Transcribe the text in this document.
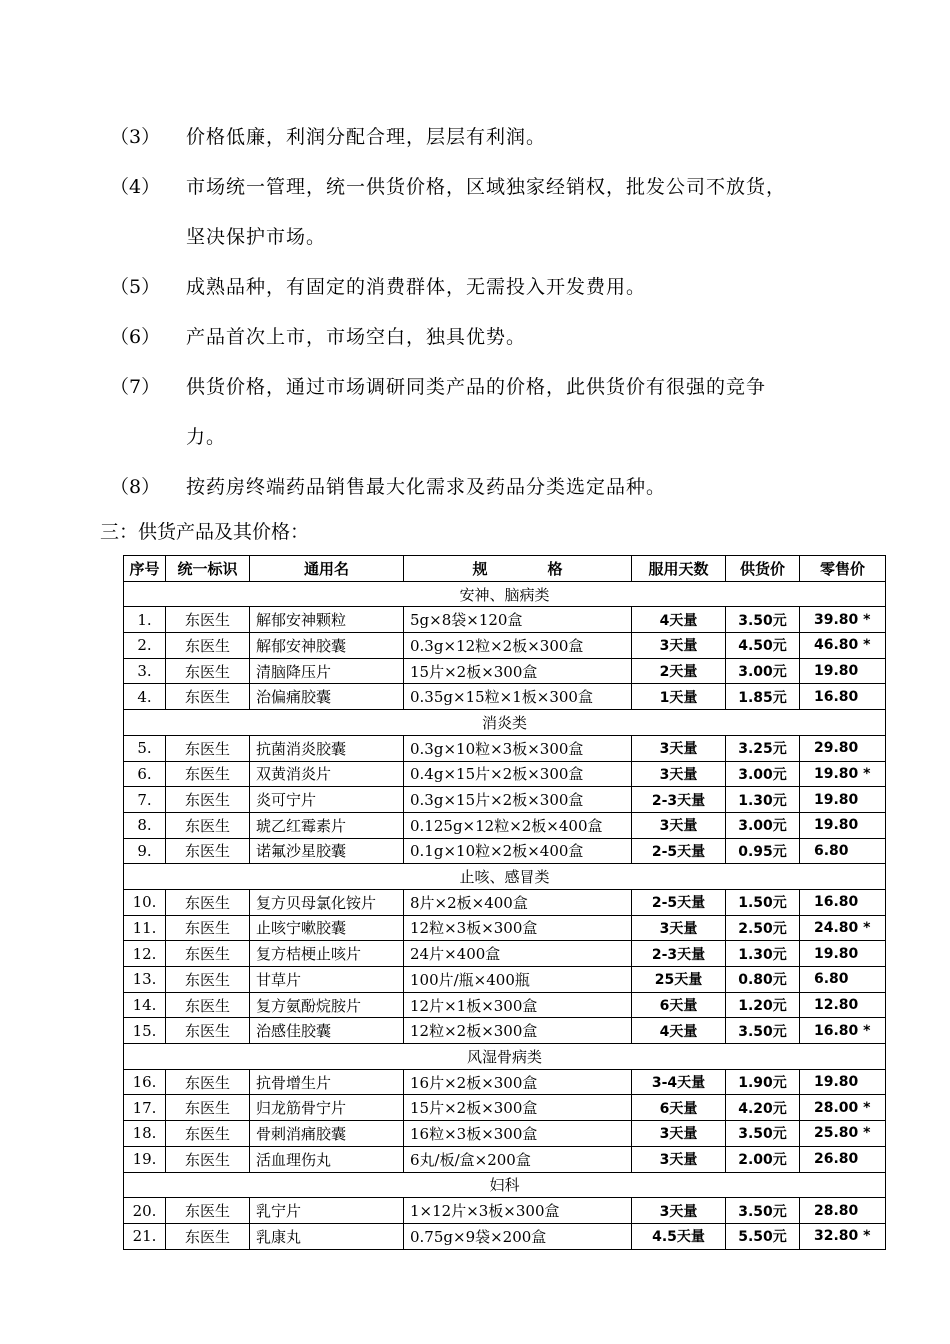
（3）	价格低廉，利润分配合理，层层有利润。
（4）	市场统一管理，统一供货价格，区域独家经销权，批发公司不放货，
坚决保护市场。
（5）	成熟品种，有固定的消费群体，无需投入开发费用。
（6）	产品首次上市，市场空白，独具优势。
（7）	供货价格，通过市场调研同类产品的价格，此供货价有很强的竞争
力。
（8）	按药房终端药品销售最大化需求及药品分类选定品种。
三：供货产品及其价格：
序号	统一标识	通用名	规　　　　格	服用天数	供货价	零售价
安神、脑病类						
1.	东医生	解郁安神颗粒	5g×8袋×120盒	4天量	3.50元	39.80 *
2.	东医生	解郁安神胶囊	0.3g×12粒×2板×300盒	3天量	4.50元	46.80 *
3.	东医生	清脑降压片	15片×2板×300盒	2天量	3.00元	19.80
4.	东医生	治偏痛胶囊	0.35g×15粒×1板×300盒	1天量	1.85元	16.80
消炎类						
5.	东医生	抗菌消炎胶囊	0.3g×10粒×3板×300盒	3天量	3.25元	29.80
6.	东医生	双黄消炎片	0.4g×15片×2板×300盒	3天量	3.00元	19.80 *
7.	东医生	炎可宁片	0.3g×15片×2板×300盒	2-3天量	1.30元	19.80
8.	东医生	琥乙红霉素片	0.125g×12粒×2板×400盒	3天量	3.00元	19.80
9.	东医生	诺氟沙星胶囊	0.1g×10粒×2板×400盒	2-5天量	0.95元	6.80
止咳、感冒类						
10.	东医生	复方贝母氯化铵片	8片×2板×400盒	2-5天量	1.50元	16.80
11.	东医生	止咳宁嗽胶囊	12粒×3板×300盒	3天量	2.50元	24.80 *
12.	东医生	复方桔梗止咳片	24片×400盒	2-3天量	1.30元	19.80
13.	东医生	甘草片	100片/瓶×400瓶	25天量	0.80元	6.80
14.	东医生	复方氨酚烷胺片	12片×1板×300盒	6天量	1.20元	12.80
15.	东医生	治感佳胶囊	12粒×2板×300盒	4天量	3.50元	16.80 *
风湿骨病类						
16.	东医生	抗骨增生片	16片×2板×300盒	3-4天量	1.90元	19.80
17.	东医生	归龙筋骨宁片	15片×2板×300盒	6天量	4.20元	28.00 *
18.	东医生	骨刺消痛胶囊	16粒×3板×300盒	3天量	3.50元	25.80 *
19.	东医生	活血理伤丸	6丸/板/盒×200盒	3天量	2.00元	26.80
妇科						
20.	东医生	乳宁片	1×12片×3板×300盒	3天量	3.50元	28.80
21.	东医生	乳康丸	0.75g×9袋×200盒	4.5天量	5.50元	32.80 *
